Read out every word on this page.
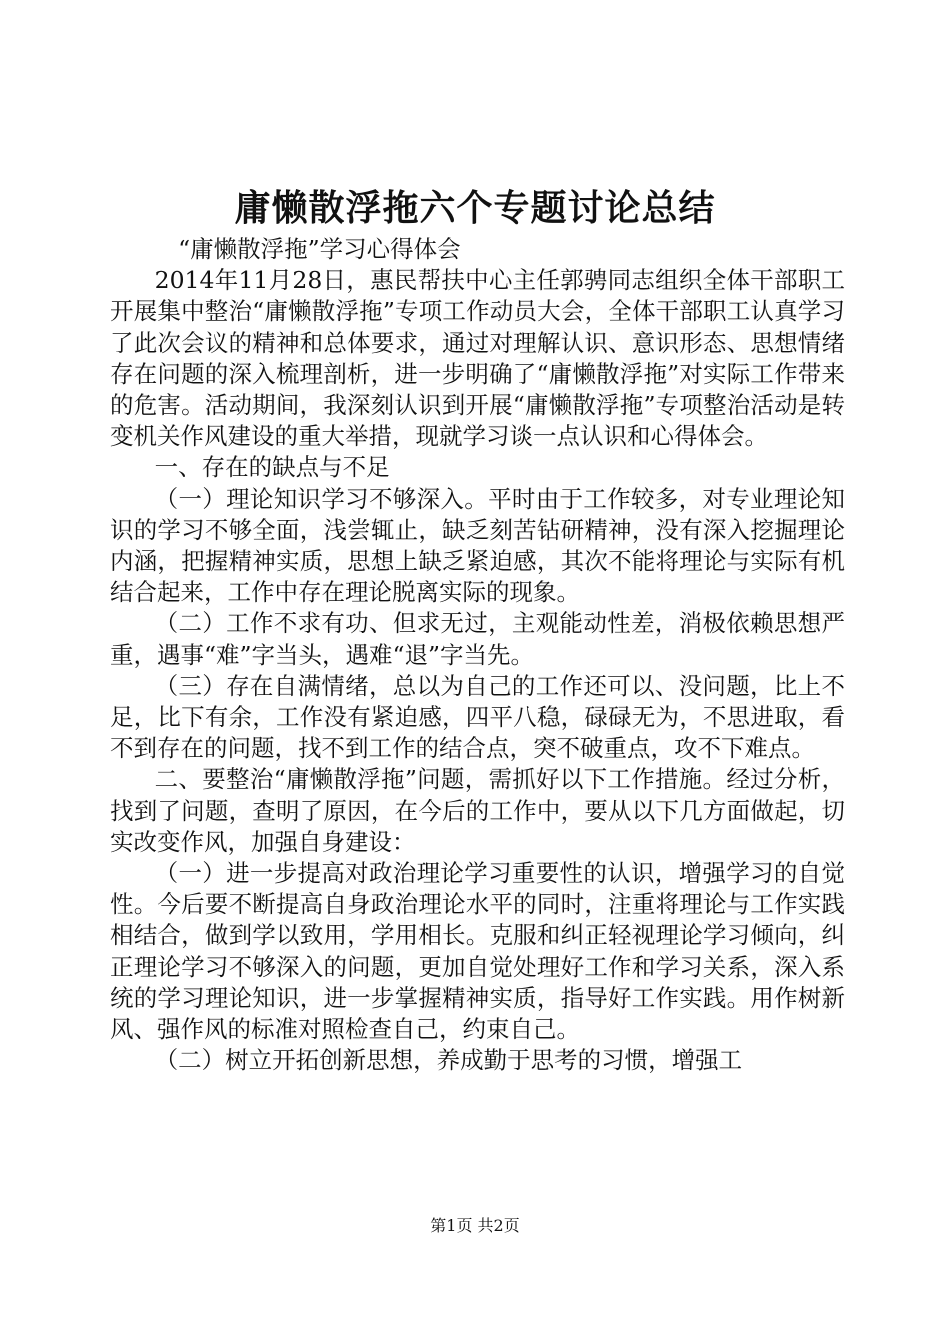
庸懒散浮拖六个专题讨论总结

“庸懒散浮拖”学习心得体会

2014年11月28日，惠民帮扶中心主任郭骋同志组织全体干部职工开展集中整治“庸懒散浮拖”专项工作动员大会，全体干部职工认真学习了此次会议的精神和总体要求，通过对理解认识、意识形态、思想情绪存在问题的深入梳理剖析，进一步明确了“庸懒散浮拖”对实际工作带来的危害。活动期间，我深刻认识到开展“庸懒散浮拖”专项整治活动是转变机关作风建设的重大举措，现就学习谈一点认识和心得体会。

一、存在的缺点与不足

（一）理论知识学习不够深入。平时由于工作较多，对专业理论知识的学习不够全面，浅尝辄止，缺乏刻苦钻研精神，没有深入挖掘理论内涵，把握精神实质，思想上缺乏紧迫感，其次不能将理论与实际有机结合起来，工作中存在理论脱离实际的现象。

（二）工作不求有功、但求无过，主观能动性差，消极依赖思想严重，遇事“难”字当头，遇难“退”字当先。

（三）存在自满情绪，总以为自己的工作还可以、没问题，比上不足，比下有余，工作没有紧迫感，四平八稳，碌碌无为，不思进取，看不到存在的问题，找不到工作的结合点，突不破重点，攻不下难点。

二、要整治“庸懒散浮拖”问题，需抓好以下工作措施。经过分析，找到了问题，查明了原因，在今后的工作中，要从以下几方面做起，切实改变作风，加强自身建设：

（一）进一步提高对政治理论学习重要性的认识，增强学习的自觉性。今后要不断提高自身政治理论水平的同时，注重将理论与工作实践相结合，做到学以致用，学用相长。克服和纠正轻视理论学习倾向，纠正理论学习不够深入的问题，更加自觉处理好工作和学习关系，深入系统的学习理论知识，进一步掌握精神实质，指导好工作实践。用作树新风、强作风的标准对照检查自己，约束自己。

（二）树立开拓创新思想，养成勤于思考的习惯，增强工

第1页 共2页
